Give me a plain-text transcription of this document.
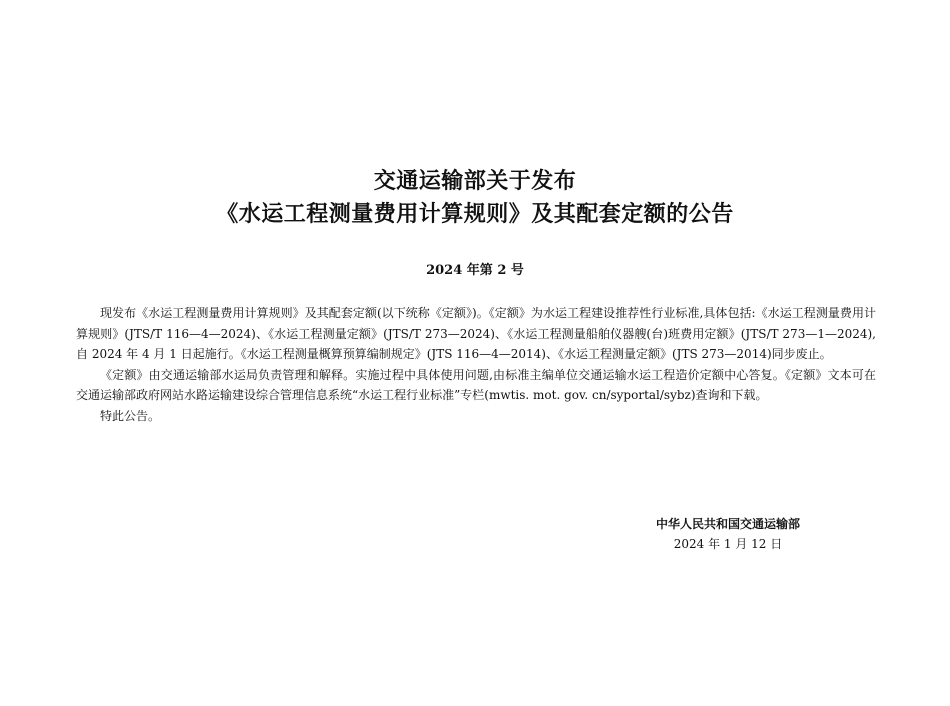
交通运输部关于发布
《水运工程测量费用计算规则》及其配套定额的公告
2024 年第 2 号

现发布《水运工程测量费用计算规则》及其配套定额(以下统称《定额》)。《定额》为水运工程建设推荐性行业标准,具体包括:《水运工程测量费用计算规则》(JTS/T 116—4—2024)、《水运工程测量定额》(JTS/T 273—2024)、《水运工程测量船舶仪器艘(台)班费用定额》(JTS/T 273—1—2024),自 2024 年 4 月 1 日起施行。《水运工程测量概算预算编制规定》(JTS 116—4—2014)、《水运工程测量定额》(JTS 273—2014)同步废止。

《定额》由交通运输部水运局负责管理和解释。实施过程中具体使用问题,由标准主编单位交通运输水运工程造价定额中心答复。《定额》文本可在交通运输部政府网站水路运输建设综合管理信息系统“水运工程行业标准”专栏(mwtis. mot. gov. cn/syportal/sybz)查询和下载。

特此公告。

中华人民共和国交通运输部
2024 年 1 月 12 日
